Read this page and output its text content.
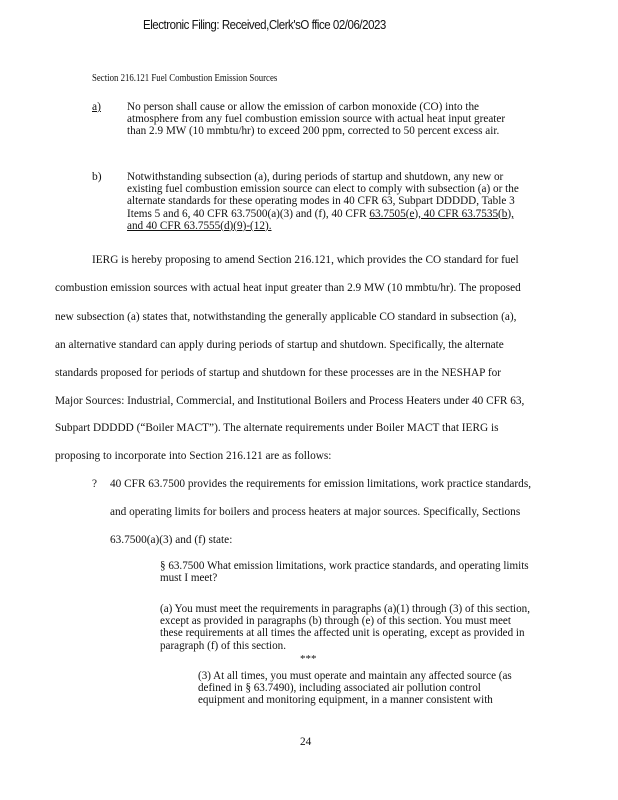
Electronic Filing: Received,Clerk'sO ffice 02/06/2023
Section 216.121 Fuel Combustion Emission Sources
a) No person shall cause or allow the emission of carbon monoxide (CO) into the atmosphere from any fuel combustion emission source with actual heat input greater than 2.9 MW (10 mmbtu/hr) to exceed 200 ppm, corrected to 50 percent excess air.

b) Notwithstanding subsection (a), during periods of startup and shutdown, any new or existing fuel combustion emission source can elect to comply with subsection (a) or the alternate standards for these operating modes in 40 CFR 63, Subpart DDDDD, Table 3 Items 5 and 6, 40 CFR 63.7500(a)(3) and (f), 40 CFR 63.7505(e), 40 CFR 63.7535(b), and 40 CFR 63.7555(d)(9)-(12).

IERG is hereby proposing to amend Section 216.121, which provides the CO standard for fuel
combustion emission sources with actual heat input greater than 2.9 MW (10 mmbtu/hr). The proposed
new subsection (a) states that, notwithstanding the generally applicable CO standard in subsection (a),
an alternative standard can apply during periods of startup and shutdown. Specifically, the alternate
standards proposed for periods of startup and shutdown for these processes are in the NESHAP for
Major Sources: Industrial, Commercial, and Institutional Boilers and Process Heaters under 40 CFR 63,
Subpart DDDDD (“Boiler MACT”). The alternate requirements under Boiler MACT that IERG is
proposing to incorporate into Section 216.121 are as follows:
? 40 CFR 63.7500 provides the requirements for emission limitations, work practice standards,
and operating limits for boilers and process heaters at major sources. Specifically, Sections
63.7500(a)(3) and (f) state:

§ 63.7500 What emission limitations, work practice standards, and operating limits must I meet?

(a) You must meet the requirements in paragraphs (a)(1) through (3) of this section, except as provided in paragraphs (b) through (e) of this section. You must meet these requirements at all times the affected unit is operating, except as provided in paragraph (f) of this section.

***

(3) At all times, you must operate and maintain any affected source (as defined in § 63.7490), including associated air pollution control equipment and monitoring equipment, in a manner consistent with

24
